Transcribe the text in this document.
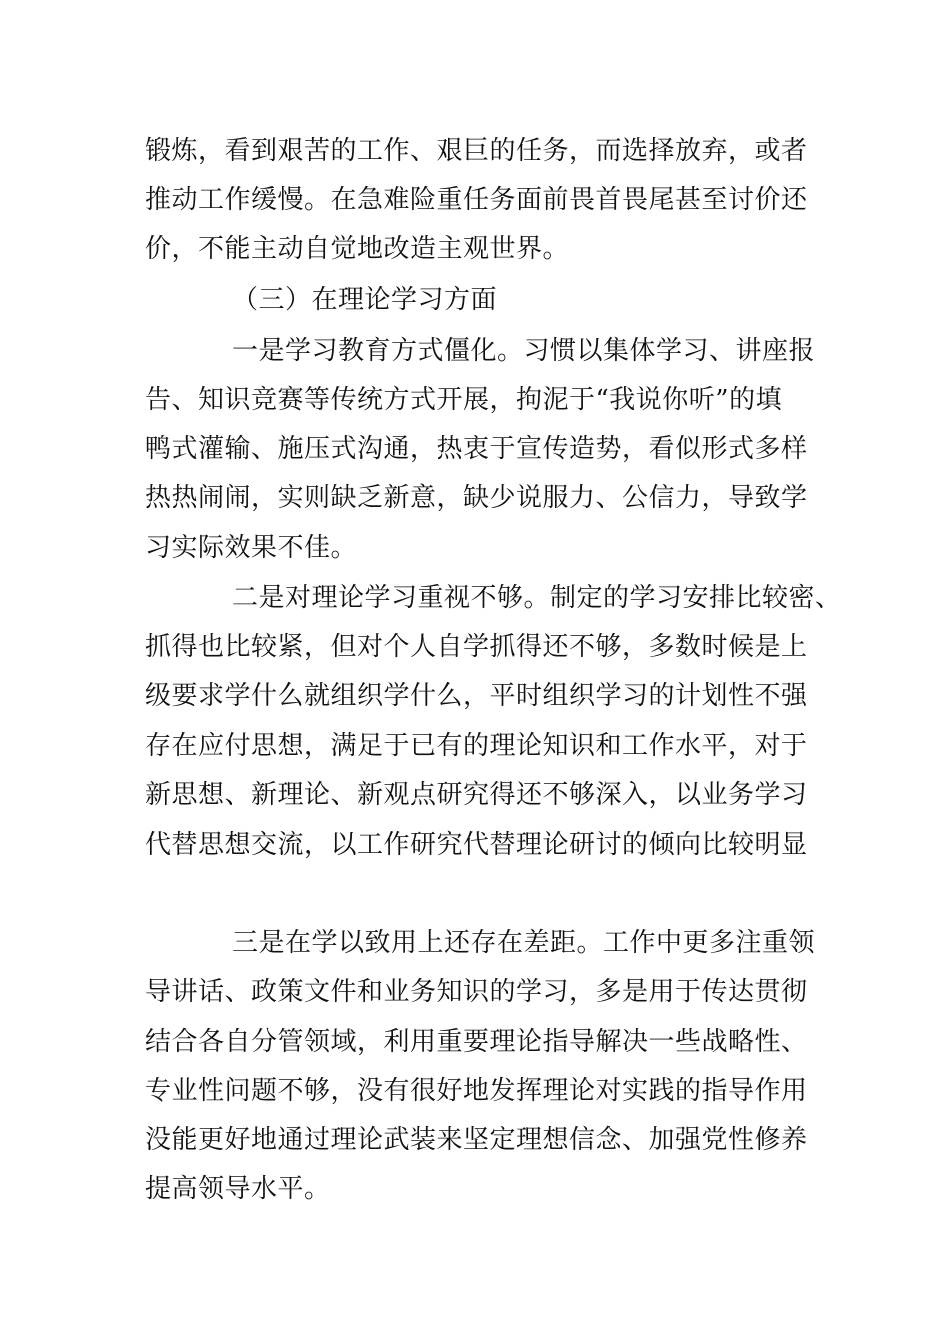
锻炼，看到艰苦的工作、艰巨的任务，而选择放弃，或者
推动工作缓慢。在急难险重任务面前畏首畏尾甚至讨价还
价，不能主动自觉地改造主观世界。
（三）在理论学习方面
一是学习教育方式僵化。习惯以集体学习、讲座报
告、知识竞赛等传统方式开展，拘泥于“我说你听”的填
鸭式灌输、施压式沟通，热衷于宣传造势，看似形式多样
热热闹闹，实则缺乏新意，缺少说服力、公信力，导致学
习实际效果不佳。
二是对理论学习重视不够。制定的学习安排比较密、
抓得也比较紧，但对个人自学抓得还不够，多数时候是上
级要求学什么就组织学什么，平时组织学习的计划性不强
存在应付思想，满足于已有的理论知识和工作水平，对于
新思想、新理论、新观点研究得还不够深入，以业务学习
代替思想交流，以工作研究代替理论研讨的倾向比较明显
三是在学以致用上还存在差距。工作中更多注重领
导讲话、政策文件和业务知识的学习，多是用于传达贯彻
结合各自分管领域，利用重要理论指导解决一些战略性、
专业性问题不够，没有很好地发挥理论对实践的指导作用
没能更好地通过理论武装来坚定理想信念、加强党性修养
提高领导水平。
